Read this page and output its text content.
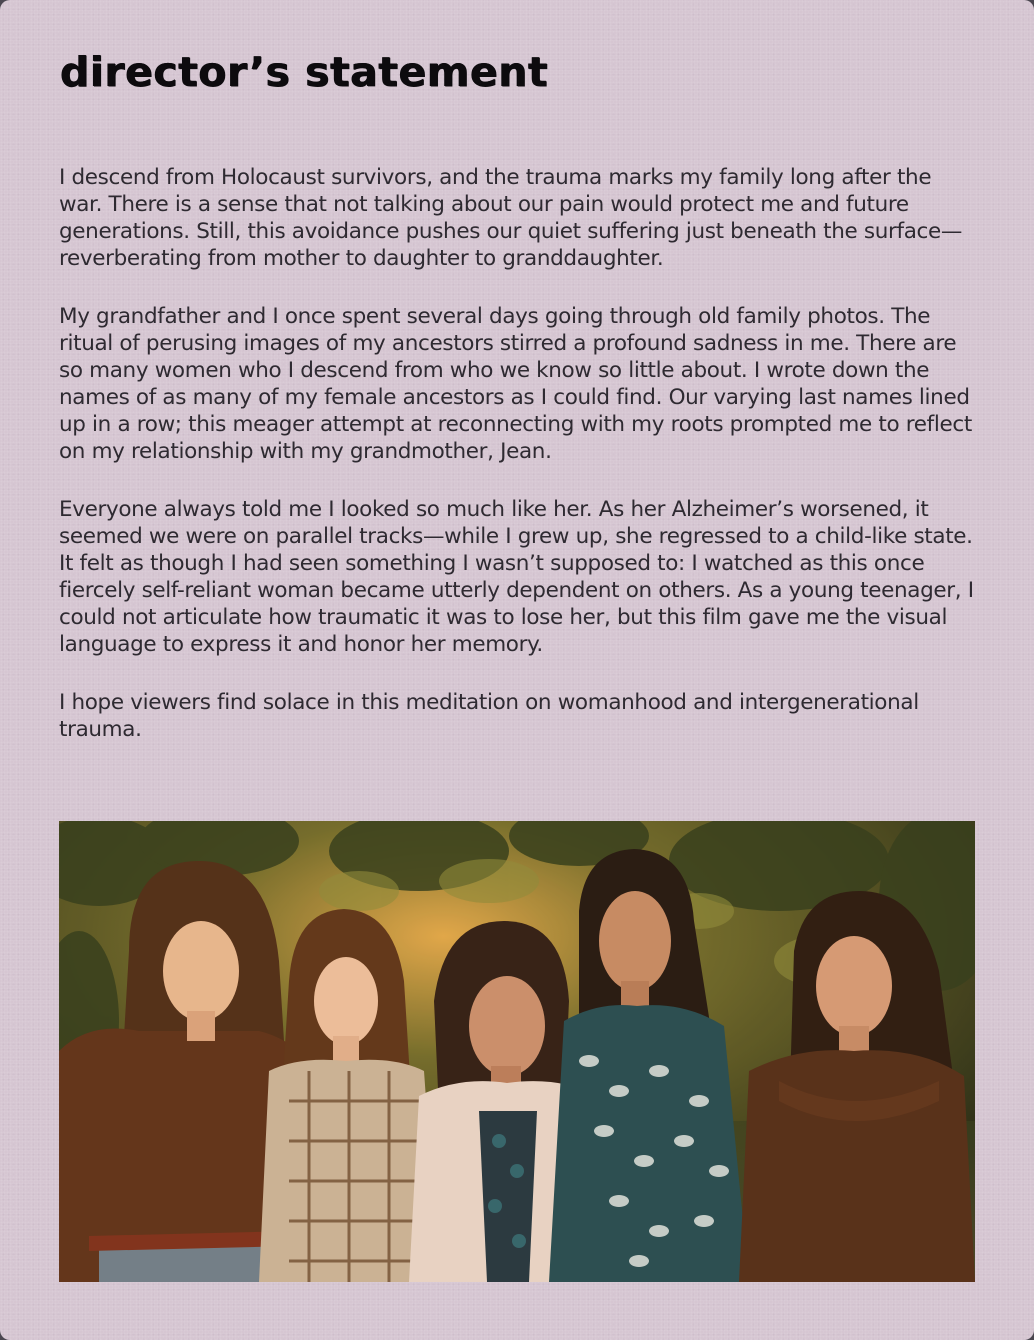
director’s statement

I descend from Holocaust survivors, and the trauma marks my family long after the war. There is a sense that not talking about our pain would protect me and future generations. Still, this avoidance pushes our quiet suffering just beneath the surface—reverberating from mother to daughter to granddaughter.

My grandfather and I once spent several days going through old family photos. The ritual of perusing images of my ancestors stirred a profound sadness in me. There are so many women who I descend from who we know so little about. I wrote down the names of as many of my female ancestors as I could find. Our varying last names lined up in a row; this meager attempt at reconnecting with my roots prompted me to reflect on my relationship with my grandmother, Jean.

Everyone always told me I looked so much like her. As her Alzheimer’s worsened, it seemed we were on parallel tracks—while I grew up, she regressed to a child-like state. It felt as though I had seen something I wasn’t supposed to: I watched as this once fiercely self-reliant woman became utterly dependent on others. As a young teenager, I could not articulate how traumatic it was to lose her, but this film gave me the visual language to express it and honor her memory.

I hope viewers find solace in this meditation on womanhood and intergenerational trauma.
